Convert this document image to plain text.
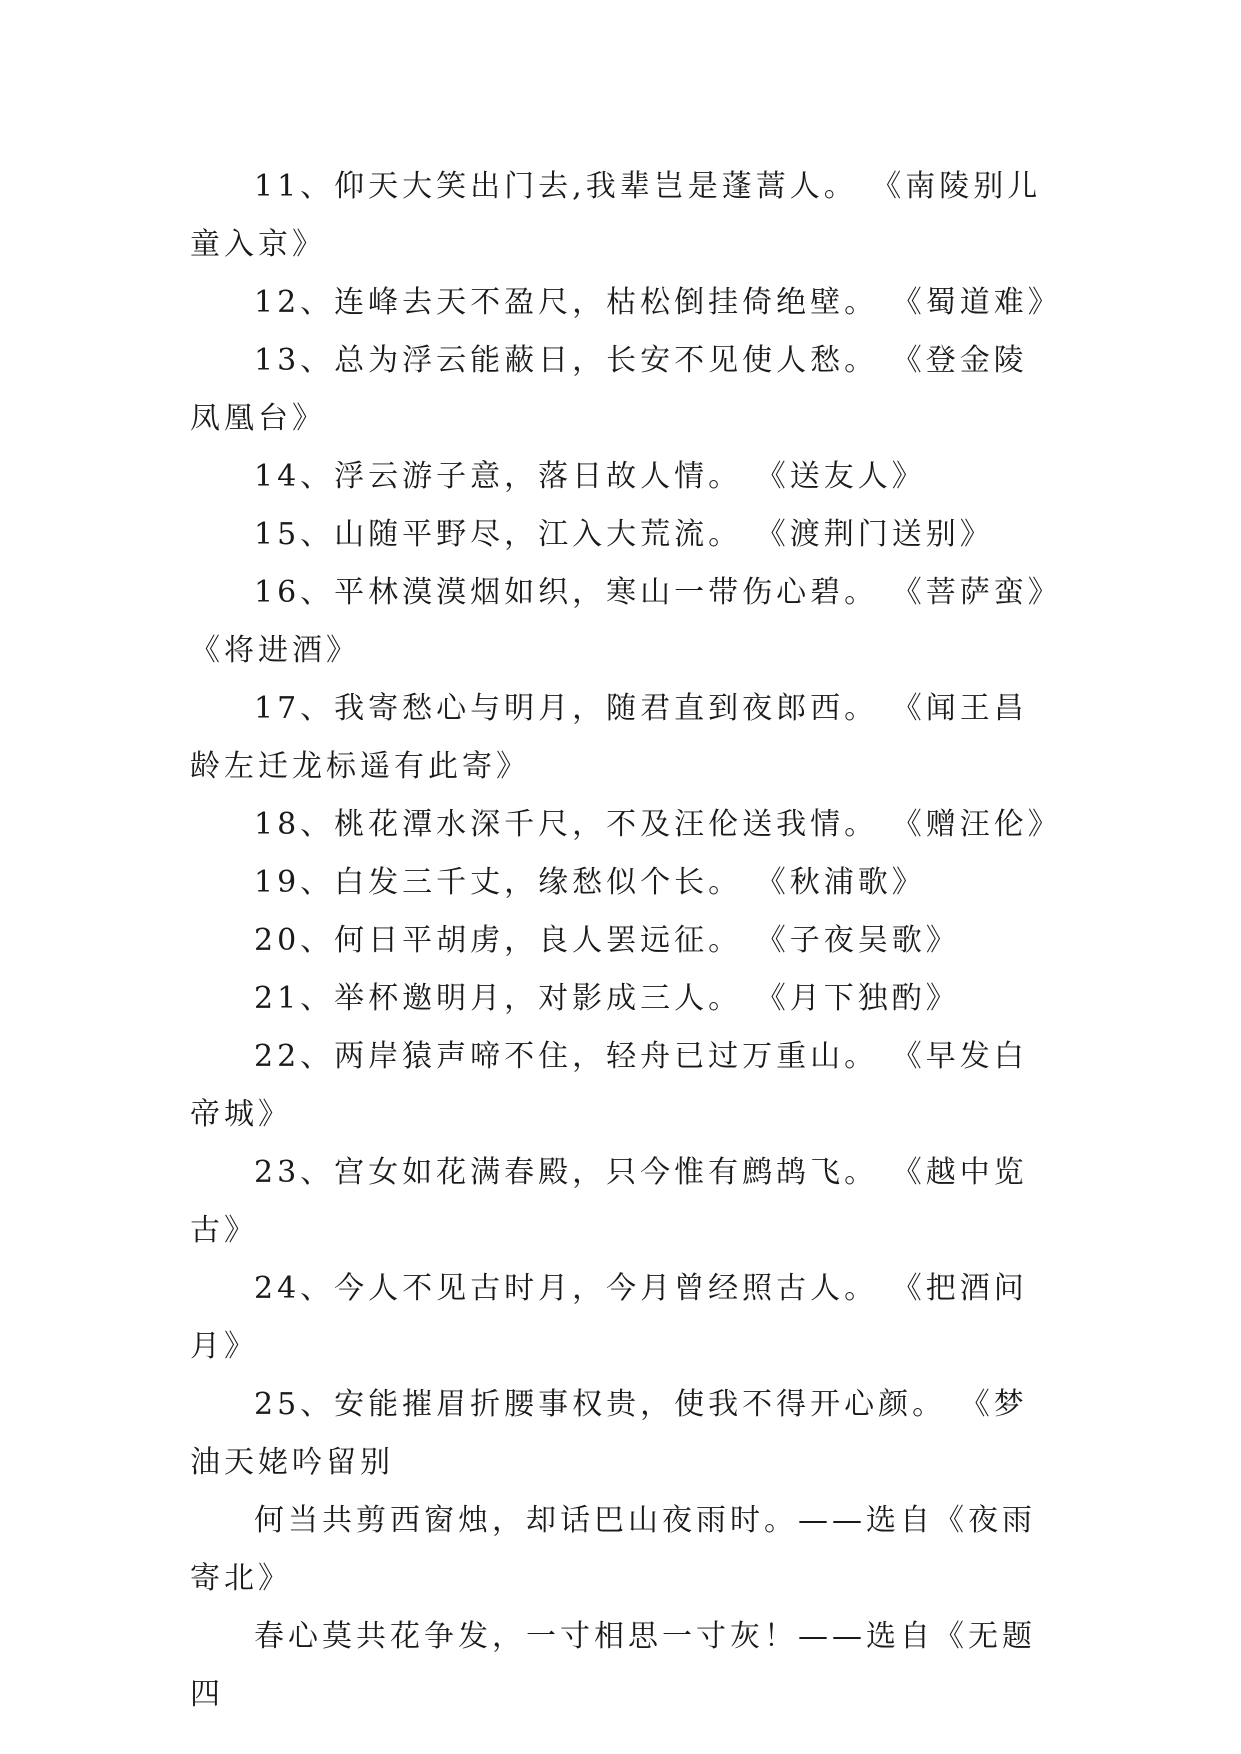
11、仰天大笑出门去,我辈岂是蓬蒿人。 《南陵别儿童入京》

12、连峰去天不盈尺，枯松倒挂倚绝壁。 《蜀道难》

13、总为浮云能蔽日，长安不见使人愁。 《登金陵凤凰台》

14、浮云游子意，落日故人情。 《送友人》

15、山随平野尽，江入大荒流。 《渡荆门送别》

16、平林漠漠烟如织，寒山一带伤心碧。 《菩萨蛮》《将进酒》

17、我寄愁心与明月，随君直到夜郎西。 《闻王昌龄左迁龙标遥有此寄》

18、桃花潭水深千尺，不及汪伦送我情。 《赠汪伦》

19、白发三千丈，缘愁似个长。 《秋浦歌》

20、何日平胡虏，良人罢远征。 《子夜吴歌》

21、举杯邀明月，对影成三人。 《月下独酌》

22、两岸猿声啼不住，轻舟已过万重山。 《早发白帝城》

23、宫女如花满春殿，只今惟有鹧鸪飞。 《越中览古》

24、今人不见古时月，今月曾经照古人。 《把酒问月》

25、安能摧眉折腰事权贵，使我不得开心颜。 《梦油天姥吟留别

何当共剪西窗烛，却话巴山夜雨时。——选自《夜雨寄北》

春心莫共花争发，一寸相思一寸灰！——选自《无题四
